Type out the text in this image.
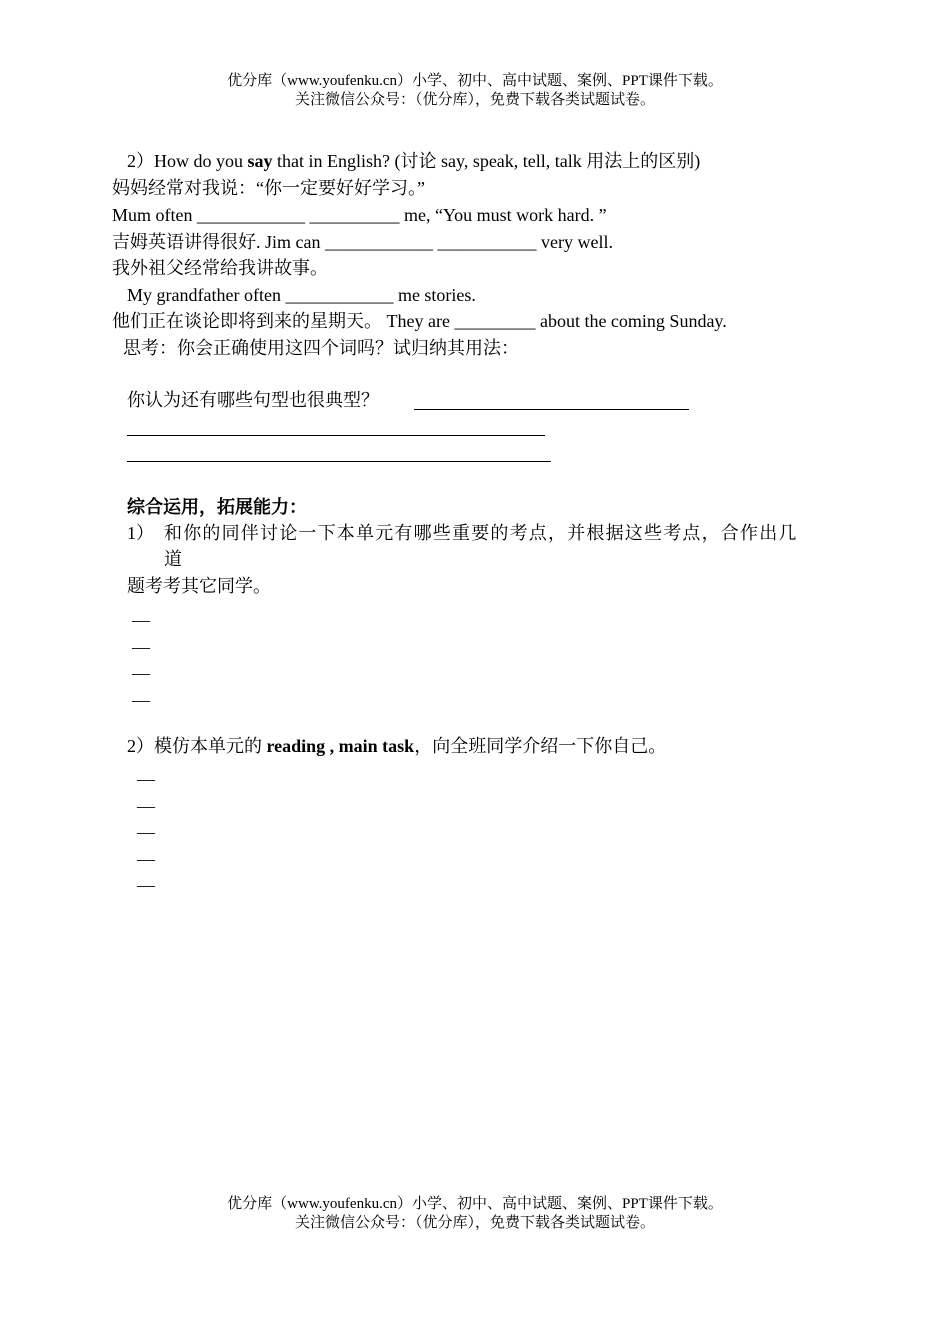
优分库（www.youfenku.cn）小学、初中、高中试题、案例、PPT课件下载。
关注微信公众号：（优分库），免费下载各类试题试卷。
2）How do you say that in English? (讨论 say, speak, tell, talk 用法上的区别)
妈妈经常对我说：“你一定要好好学习。”
Mum often ____________ __________ me, “You must work hard. ”
吉姆英语讲得很好. Jim can ____________ ___________ very well.
我外祖父经常给我讲故事。
My grandfather often ____________ me stories.
他们正在谈论即将到来的星期天。 They are _________ about the coming Sunday.
思考：你会正确使用这四个词吗？试归纳其用法：
你认为还有哪些句型也很典型？
综合运用，拓展能力：
1） 和你的同伴讨论一下本单元有哪些重要的考点，并根据这些考点，合作出几
道
题考考其它同学。
—
—
—
—
2）模仿本单元的 reading , main task，向全班同学介绍一下你自己。
—
—
—
—
—
优分库（www.youfenku.cn）小学、初中、高中试题、案例、PPT课件下载。
关注微信公众号：（优分库），免费下载各类试题试卷。
